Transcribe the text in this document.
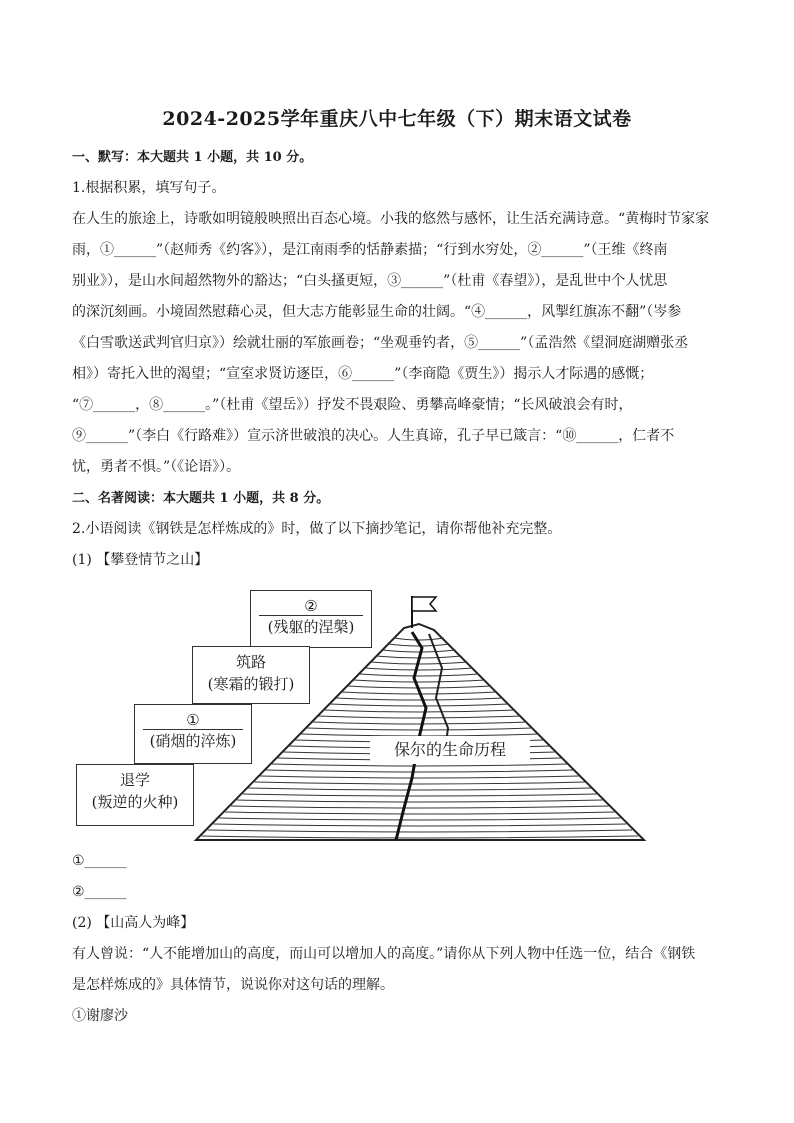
2024-2025学年重庆八中七年级（下）期末语文试卷
一、默写：本大题共 1 小题，共 10 分。
1.根据积累，填写句子。
在人生的旅途上，诗歌如明镜般映照出百态心境。小我的悠然与感怀，让生活充满诗意。“黄梅时节家家
雨，①______”（赵师秀《约客》），是江南雨季的恬静素描；“行到水穷处，②______”（王维《终南
别业》），是山水间超然物外的豁达；“白头搔更短，③______”（杜甫《春望》），是乱世中个人忧思
的深沉刻画。小境固然慰藉心灵，但大志方能彰显生命的壮阔。“④______，风掣红旗冻不翻”（岑参
《白雪歌送武判官归京》）绘就壮丽的军旅画卷；“坐观垂钓者，⑤______”（孟浩然《望洞庭湖赠张丞
相》）寄托入世的渴望；“宣室求贤访逐臣，⑥______”（李商隐《贾生》）揭示人才际遇的感慨；
“⑦______，⑧______。”（杜甫《望岳》）抒发不畏艰险、勇攀高峰豪情；“长风破浪会有时，
⑨______”（李白《行路难》）宣示济世破浪的决心。人生真谛，孔子早已箴言：“⑩______，仁者不
忧，勇者不惧。”（《论语》）。
二、名著阅读：本大题共 1 小题，共 8 分。
2.小语阅读《钢铁是怎样炼成的》时，做了以下摘抄笔记，请你帮他补充完整。
(1) 【攀登情节之山】
②
(残躯的涅槃)
筑路
(寒霜的锻打)
①
(硝烟的淬炼)
退学
(叛逆的火种)
保尔的生命历程
①______
②______
(2) 【山高人为峰】
有人曾说：“人不能增加山的高度，而山可以增加人的高度。”请你从下列人物中任选一位，结合《钢铁
是怎样炼成的》具体情节，说说你对这句话的理解。
①谢廖沙
